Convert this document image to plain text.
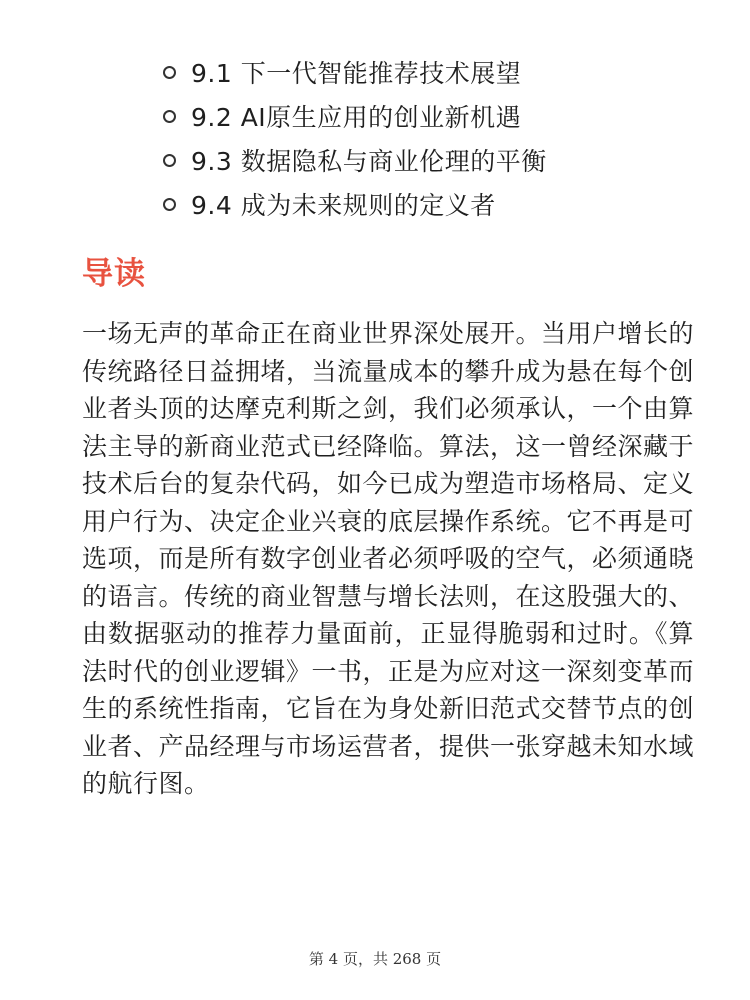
9.1 下一代智能推荐技术展望
9.2 AI原生应用的创业新机遇
9.3 数据隐私与商业伦理的平衡
9.4 成为未来规则的定义者
导读

一场无声的革命正在商业世界深处展开。当用户增长的传统路径日益拥堵，当流量成本的攀升成为悬在每个创业者头顶的达摩克利斯之剑，我们必须承认，一个由算法主导的新商业范式已经降临。算法，这一曾经深藏于技术后台的复杂代码，如今已成为塑造市场格局、定义用户行为、决定企业兴衰的底层操作系统。它不再是可选项，而是所有数字创业者必须呼吸的空气，必须通晓的语言。传统的商业智慧与增长法则，在这股强大的、由数据驱动的推荐力量面前，正显得脆弱和过时。《算法时代的创业逻辑》一书，正是为应对这一深刻变革而生的系统性指南，它旨在为身处新旧范式交替节点的创业者、产品经理与市场运营者，提供一张穿越未知水域的航行图。

第 4 页，共 268 页
